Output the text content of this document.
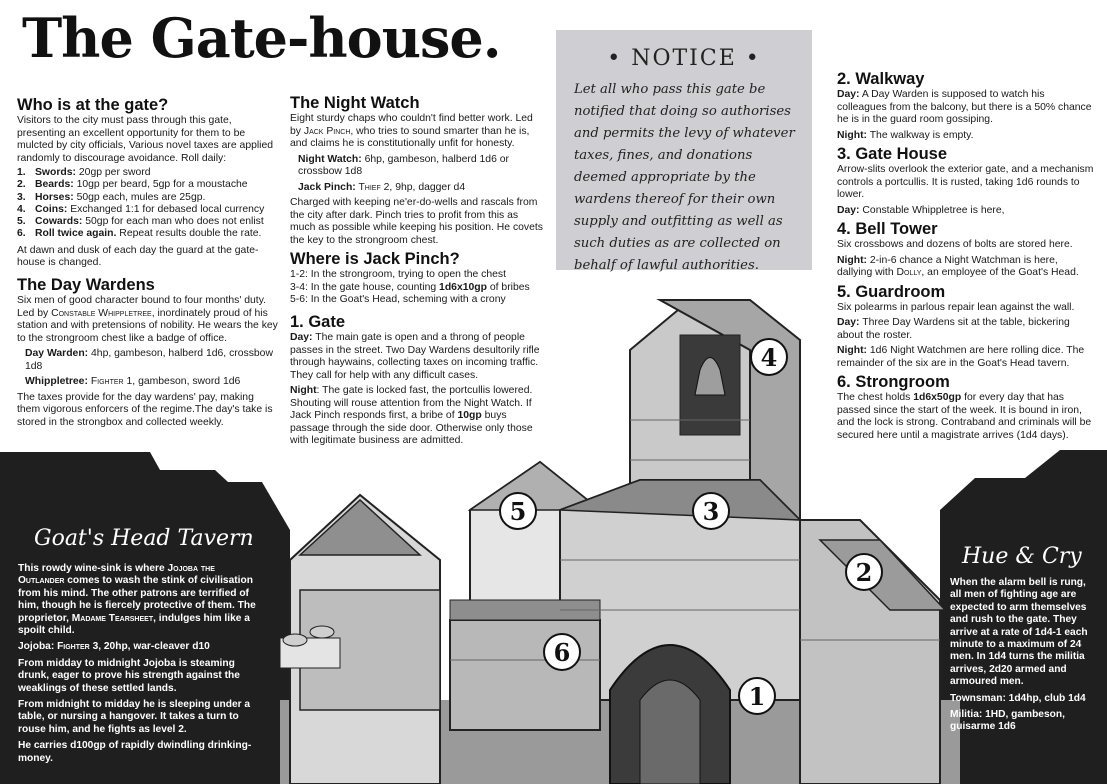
The Gate-house.
Who is at the gate?

Visitors to the city must pass through this gate, presenting an excellent opportunity for them to be mulcted by city officials, Various novel taxes are applied randomly to discourage avoidance. Roll daily:

1. Swords: 20gp per sword
2. Beards: 10gp per beard, 5gp for a moustache
3. Horses: 50gp each, mules are 25gp.
4. Coins: Exchanged 1:1 for debased local currency
5. Cowards: 50gp for each man who does not enlist
6. Roll twice again. Repeat results double the rate.

At dawn and dusk of each day the guard at the gate-house is changed.

The Day Wardens

Six men of good character bound to four months' duty. Led by Constable Whippletree, inordinately proud of his station and with pretensions of nobility. He wears the key to the strongroom chest like a badge of office.

Day Warden: 4hp, gambeson, halberd 1d6, crossbow 1d8

Whippletree: Fighter 1, gambeson, sword 1d6

The taxes provide for the day wardens' pay, making them vigorous enforcers of the regime.The day's take is stored in the strongbox and collected weekly.

The Night Watch

Eight sturdy chaps who couldn't find better work. Led by Jack Pinch, who tries to sound smarter than he is, and claims he is constitutionally unfit for honesty.

Night Watch: 6hp, gambeson, halberd 1d6 or crossbow 1d8

Jack Pinch: Thief 2, 9hp, dagger d4

Charged with keeping ne'er-do-wells and rascals from the city after dark. Pinch tries to profit from this as much as possible while keeping his position. He covets the key to the strongroom chest.

Where is Jack Pinch?

1-2: In the strongroom, trying to open the chest

3-4: In the gate house, counting 1d6x10gp of bribes

5-6: In the Goat's Head, scheming with a crony

1. Gate

Day: The main gate is open and a throng of people passes in the street. Two Day Wardens desultorily rifle through haywains, collecting taxes on incoming traffic. They call for help with any difficult cases.

Night: The gate is locked fast, the portcullis lowered. Shouting will rouse attention from the Night Watch. If Jack Pinch responds first, a bribe of 10gp buys passage through the side door. Otherwise only those with legitimate business are admitted.

• NOTICE •
Let all who pass this gate be notified that doing so authorises and permits the levy of whatever taxes, fines, and donations deemed appropriate by the wardens thereof for their own supply and outfitting as well as such duties as are collected on behalf of lawful authorities.
2. Walkway

Day: A Day Warden is supposed to watch his colleagues from the balcony, but there is a 50% chance he is in the guard room gossiping.

Night: The walkway is empty.

3. Gate House

Arrow-slits overlook the exterior gate, and a mechanism controls a portcullis. It is rusted, taking 1d6 rounds to lower.

Day: Constable Whippletree is here,

4. Bell Tower

Six crossbows and dozens of bolts are stored here.

Night: 2-in-6 chance a Night Watchman is here, dallying with Dolly, an employee of the Goat's Head.

5. Guardroom

Six polearms in parlous repair lean against the wall.

Day: Three Day Wardens sit at the table, bickering about the roster.

Night: 1d6 Night Watchmen are here rolling dice. The remainder of the six are in the Goat's Head tavern.

6. Strongroom

The chest holds 1d6x50gp for every day that has passed since the start of the week. It is bound in iron, and the lock is strong. Contraband and criminals will be secured here until a magistrate arrives (1d4 days).

Goat's Head Tavern

This rowdy wine-sink is where Jojoba the Outlander comes to wash the stink of civilisation from his mind. The other patrons are terrified of him, though he is fiercely protective of them. The proprietor, Madame Tearsheet, indulges him like a spoilt child.

Jojoba: Fighter 3, 20hp, war-cleaver d10

From midday to midnight Jojoba is steaming drunk, eager to prove his strength against the weaklings of these settled lands.

From midnight to midday he is sleeping under a table, or nursing a hangover. It takes a turn to rouse him, and he fights as level 2.

He carries d100gp of rapidly dwindling drinking-money.

Hue & Cry

When the alarm bell is rung, all men of fighting age are expected to arm themselves and rush to the gate. They arrive at a rate of 1d4-1 each minute to a maximum of 24 men. In 1d4 turns the militia arrives, 2d20 armed and armoured men.

Townsman: 1d4hp, club 1d4

Militia: 1HD, gambeson, guisarme 1d6

1
2
3
4
5
6
